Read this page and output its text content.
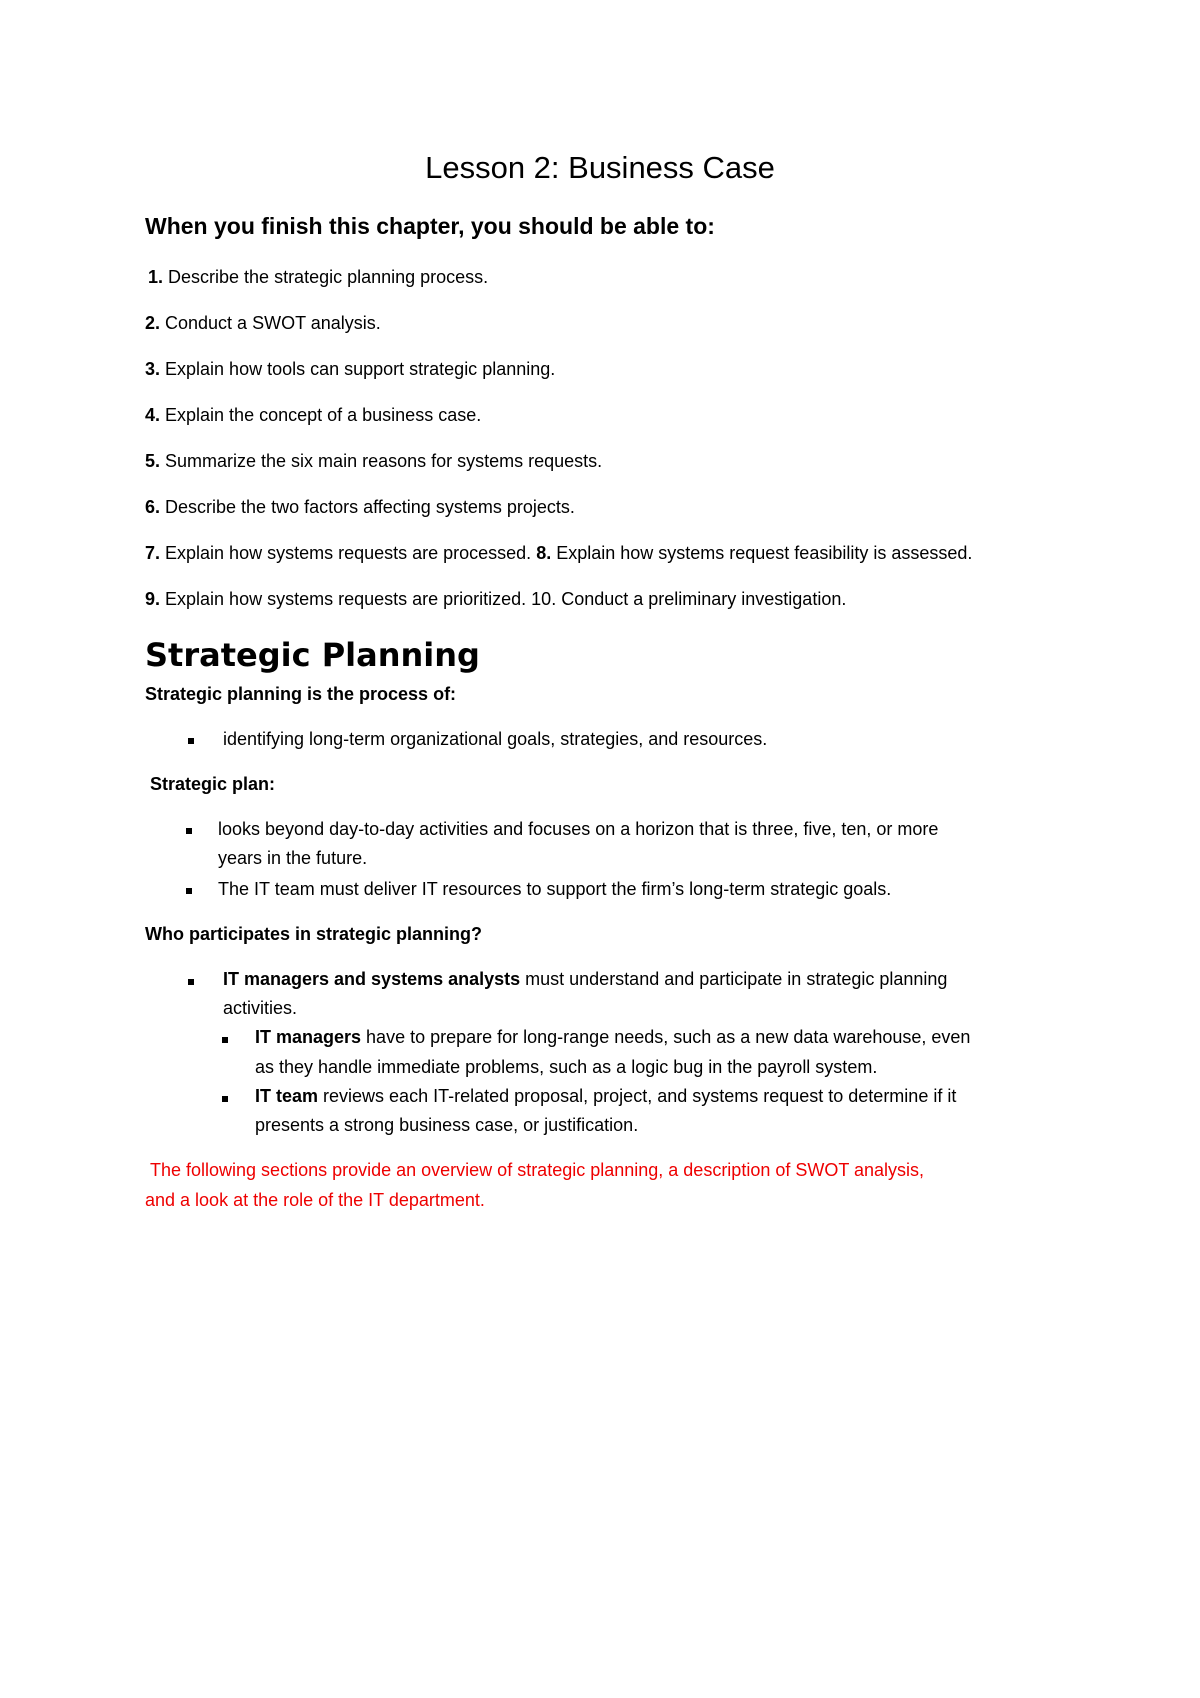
Lesson 2: Business Case
When you finish this chapter, you should be able to:
1. Describe the strategic planning process.
2. Conduct a SWOT analysis.
3. Explain how tools can support strategic planning.
4. Explain the concept of a business case.
5. Summarize the six main reasons for systems requests.
6. Describe the two factors affecting systems projects.
7. Explain how systems requests are processed. 8. Explain how systems request feasibility is assessed.
9. Explain how systems requests are prioritized. 10. Conduct a preliminary investigation.
Strategic Planning
Strategic planning is the process of:
identifying long-term organizational goals, strategies, and resources.
Strategic plan:
looks beyond day-to-day activities and focuses on a horizon that is three, five, ten, or more
years in the future.
The IT team must deliver IT resources to support the firm’s long-term strategic goals.
Who participates in strategic planning?
IT managers and systems analysts must understand and participate in strategic planning
activities.
IT managers have to prepare for long-range needs, such as a new data warehouse, even
as they handle immediate problems, such as a logic bug in the payroll system.
IT team reviews each IT-related proposal, project, and systems request to determine if it
presents a strong business case, or justification.
The following sections provide an overview of strategic planning, a description of SWOT analysis,
and a look at the role of the IT department.
